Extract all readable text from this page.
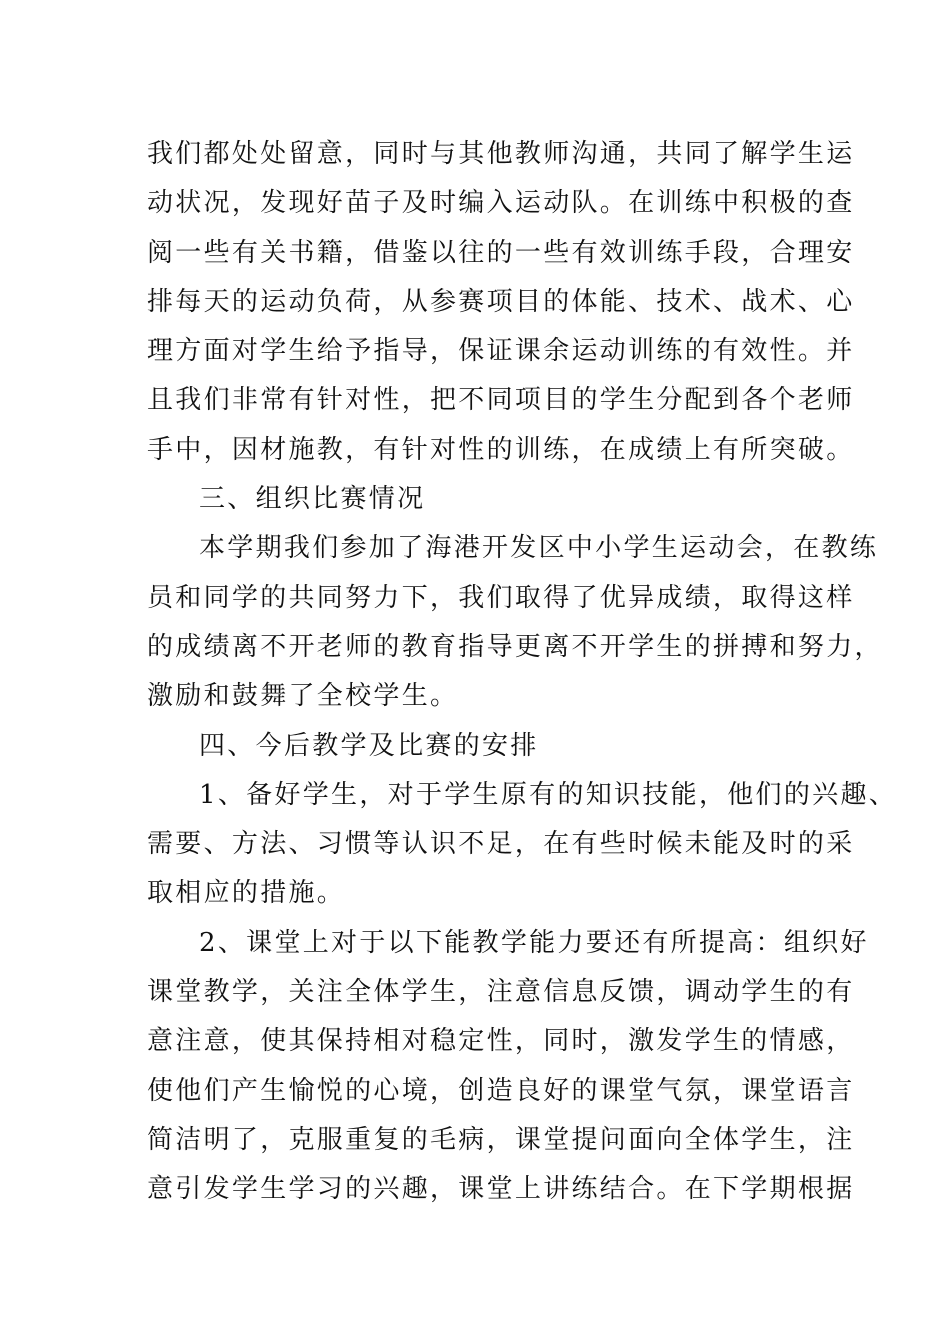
我们都处处留意，同时与其他教师沟通，共同了解学生运
动状况，发现好苗子及时编入运动队。在训练中积极的查
阅一些有关书籍，借鉴以往的一些有效训练手段，合理安
排每天的运动负荷，从参赛项目的体能、技术、战术、心
理方面对学生给予指导，保证课余运动训练的有效性。并
且我们非常有针对性，把不同项目的学生分配到各个老师
手中，因材施教，有针对性的训练，在成绩上有所突破。
三、组织比赛情况
本学期我们参加了海港开发区中小学生运动会，在教练
员和同学的共同努力下，我们取得了优异成绩，取得这样
的成绩离不开老师的教育指导更离不开学生的拼搏和努力，
激励和鼓舞了全校学生。
四、今后教学及比赛的安排
1、备好学生，对于学生原有的知识技能，他们的兴趣、
需要、方法、习惯等认识不足，在有些时候未能及时的采
取相应的措施。
2、课堂上对于以下能教学能力要还有所提高：组织好
课堂教学，关注全体学生，注意信息反馈，调动学生的有
意注意，使其保持相对稳定性，同时，激发学生的情感，
使他们产生愉悦的心境，创造良好的课堂气氛，课堂语言
简洁明了，克服重复的毛病，课堂提问面向全体学生，注
意引发学生学习的兴趣，课堂上讲练结合。在下学期根据
